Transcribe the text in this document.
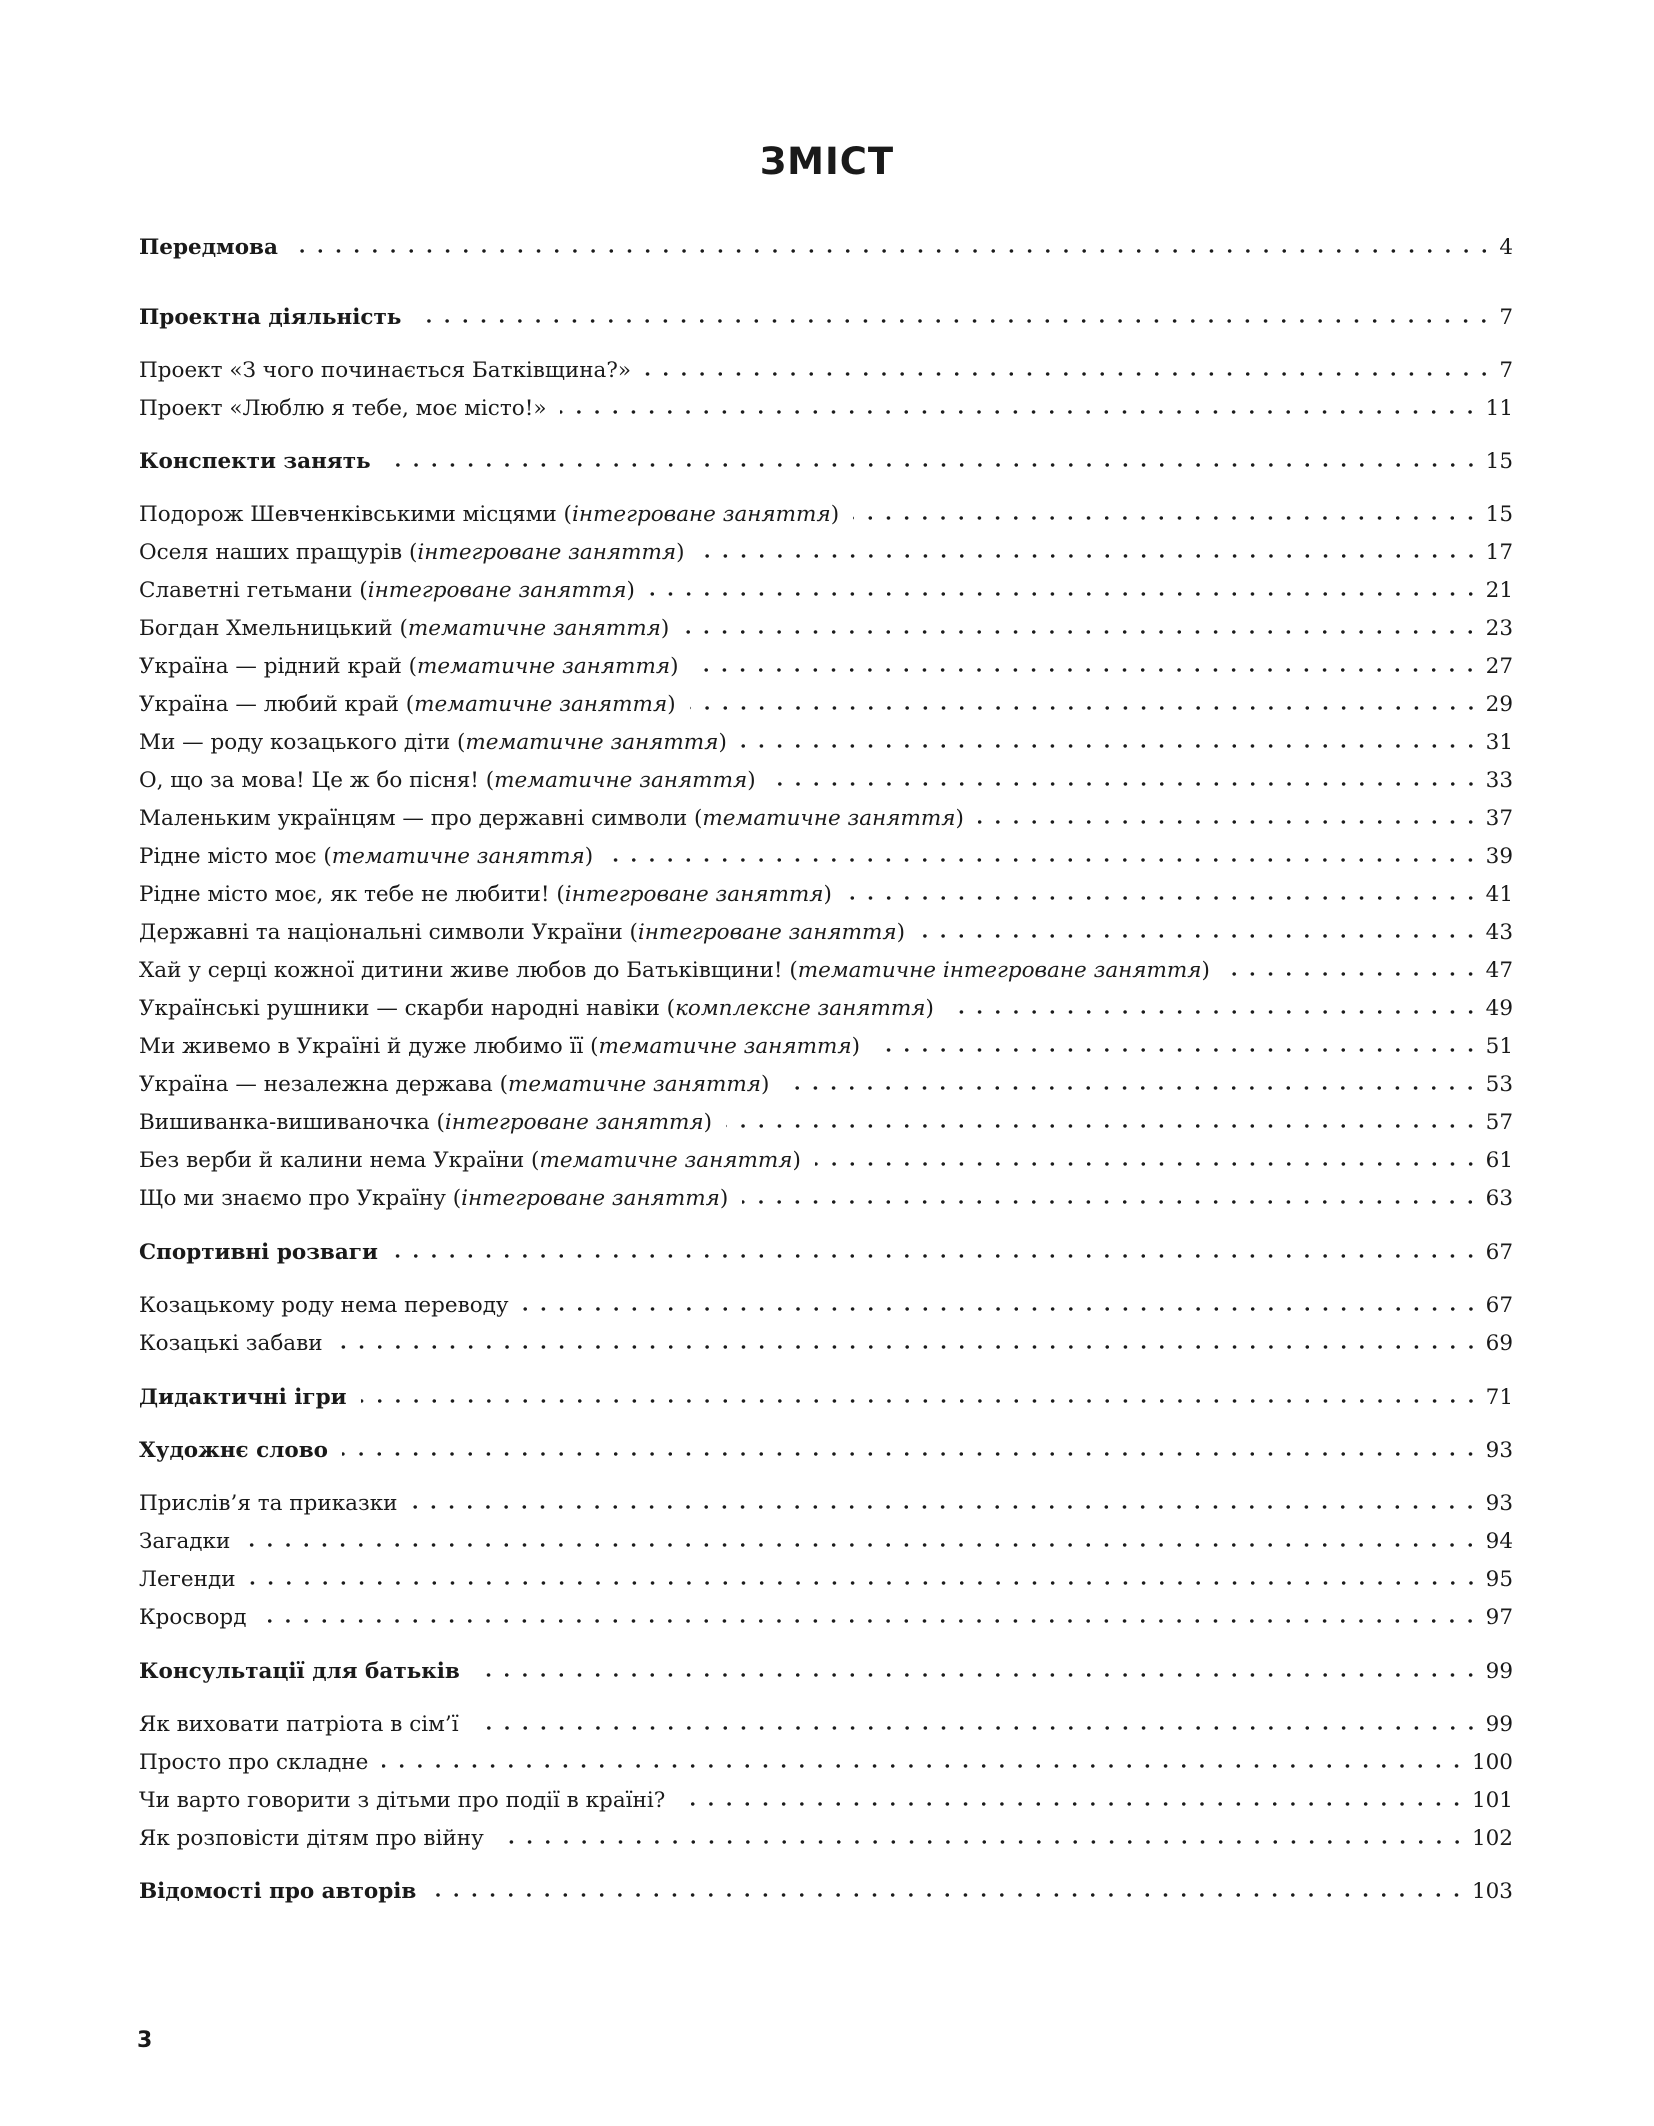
ЗМІСТ
Передмова	4
Проектна діяльність	7
Проект «З чого починається Батківщина?»	7
Проект «Люблю я тебе, моє місто!»	11
Конспекти занять	15
Подорож Шевченківськими місцями (інтегроване заняття)	15
Оселя наших пращурів (інтегроване заняття)	17
Славетні гетьмани (інтегроване заняття)	21
Богдан Хмельницький (тематичне заняття)	23
Україна — рідний край (тематичне заняття)	27
Україна — любий край (тематичне заняття)	29
Ми — роду козацького діти (тематичне заняття)	31
О, що за мова! Це ж бо пісня! (тематичне заняття)	33
Маленьким українцям — про державні символи (тематичне заняття)	37
Рідне місто моє (тематичне заняття)	39
Рідне місто моє, як тебе не любити! (інтегроване заняття)	41
Державні та національні символи України (інтегроване заняття)	43
Хай у серці кожної дитини живе любов до Батьківщини! (тематичне інтегроване заняття)	47
Українські рушники — скарби народні навіки (комплексне заняття)	49
Ми живемо в Україні й дуже любимо її (тематичне заняття)	51
Україна — незалежна держава (тематичне заняття)	53
Вишиванка-вишиваночка (інтегроване заняття)	57
Без верби й калини нема України (тематичне заняття)	61
Що ми знаємо про Україну (інтегроване заняття)	63
Спортивні розваги	67
Козацькому роду нема переводу	67
Козацькі забави	69
Дидактичні ігри	71
Художнє слово	93
Прислів’я та приказки	93
Загадки	94
Легенди	95
Кросворд	97
Консультації для батьків	99
Як виховати патріота в сім’ї	99
Просто про складне	100
Чи варто говорити з дітьми про події в країні?	101
Як розповісти дітям про війну	102
Відомості про авторів	103
3
